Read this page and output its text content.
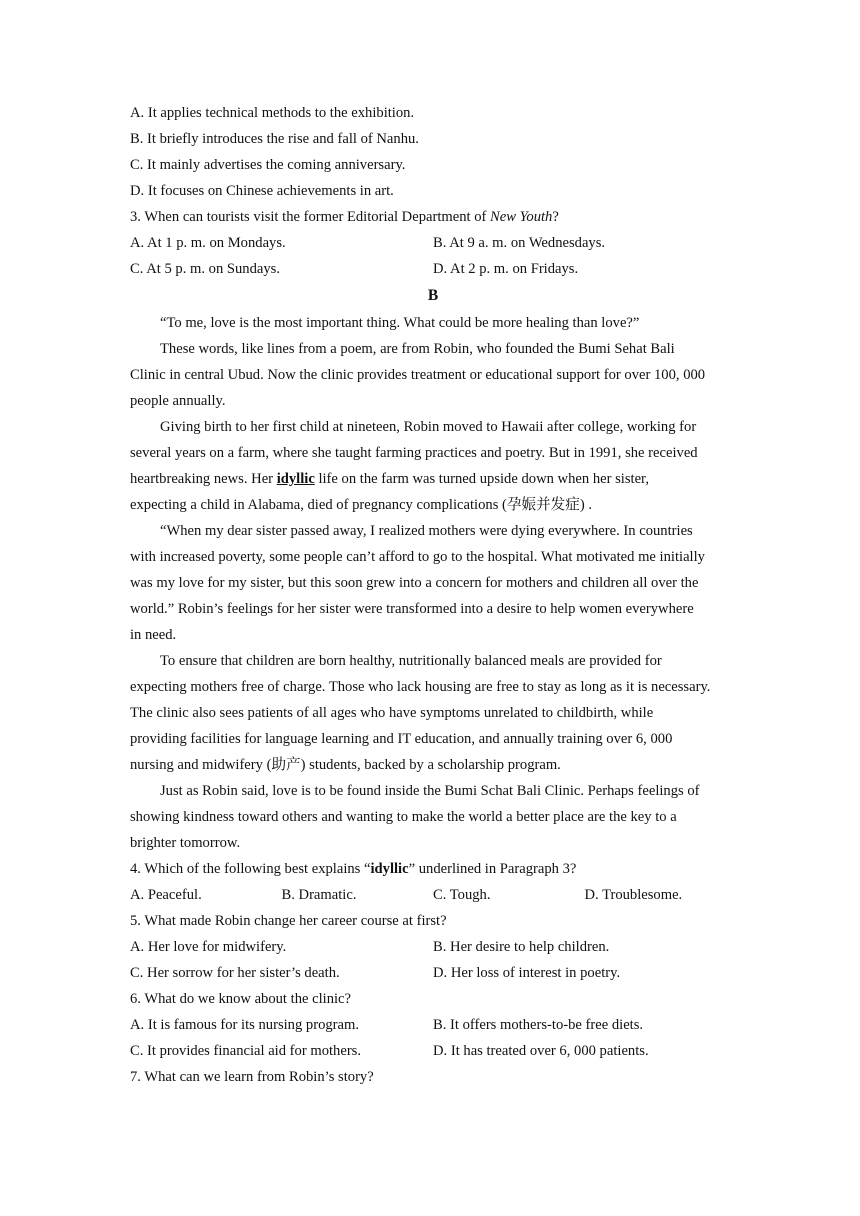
A. It applies technical methods to the exhibition.
B. It briefly introduces the rise and fall of Nanhu.
C. It mainly advertises the coming anniversary.
D. It focuses on Chinese achievements in art.
3. When can tourists visit the former Editorial Department of New Youth?
A. At 1 p. m. on Mondays.	B. At 9 a. m. on Wednesdays.
C. At 5 p. m. on Sundays.	D. At 2 p. m. on Fridays.
B
“To me, love is the most important thing. What could be more healing than love?”
These words, like lines from a poem, are from Robin, who founded the Bumi Sehat Bali
Clinic in central Ubud. Now the clinic provides treatment or educational support for over 100, 000
people annually.
Giving birth to her first child at nineteen, Robin moved to Hawaii after college, working for
several years on a farm, where she taught farming practices and poetry. But in 1991, she received
heartbreaking news. Her idyllic life on the farm was turned upside down when her sister,
expecting a child in Alabama, died of pregnancy complications (孕娠并发症) .
“When my dear sister passed away, I realized mothers were dying everywhere. In countries
with increased poverty, some people can’t afford to go to the hospital. What motivated me initially
was my love for my sister, but this soon grew into a concern for mothers and children all over the
world.” Robin’s feelings for her sister were transformed into a desire to help women everywhere
in need.
To ensure that children are born healthy, nutritionally balanced meals are provided for
expecting mothers free of charge. Those who lack housing are free to stay as long as it is necessary.
The clinic also sees patients of all ages who have symptoms unrelated to childbirth, while
providing facilities for language learning and IT education, and annually training over 6, 000
nursing and midwifery (助产) students, backed by a scholarship program.
Just as Robin said, love is to be found inside the Bumi Schat Bali Clinic. Perhaps feelings of
showing kindness toward others and wanting to make the world a better place are the key to a
brighter tomorrow.
4. Which of the following best explains “idyllic” underlined in Paragraph 3?
A. Peaceful.	B. Dramatic.	C. Tough.	D. Troublesome.
5. What made Robin change her career course at first?
A. Her love for midwifery.	B. Her desire to help children.
C. Her sorrow for her sister’s death.	D. Her loss of interest in poetry.
6. What do we know about the clinic?
A. It is famous for its nursing program.	B. It offers mothers-to-be free diets.
C. It provides financial aid for mothers.	D. It has treated over 6, 000 patients.
7. What can we learn from Robin’s story?
